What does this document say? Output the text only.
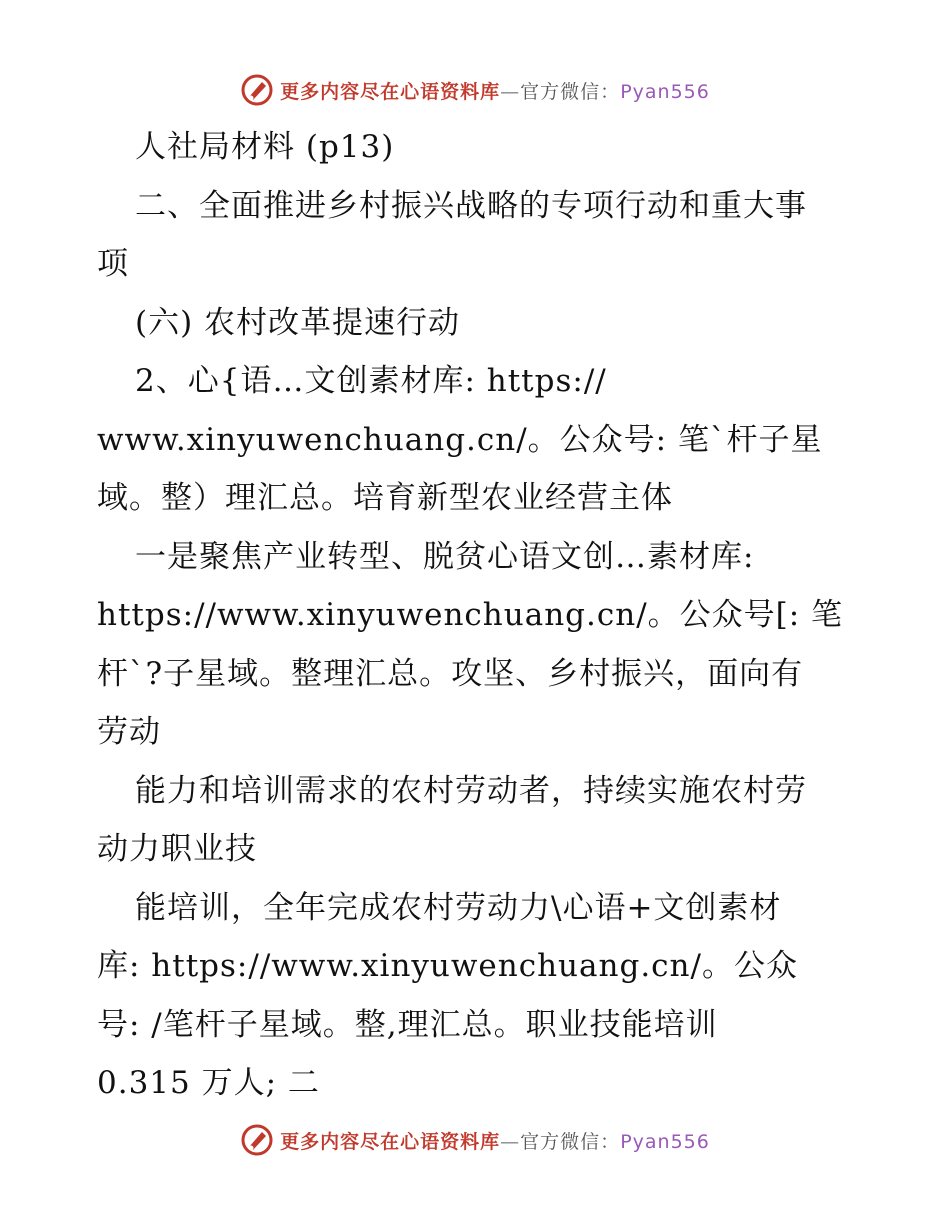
更多内容尽在心语资料库—官方微信：Pyan556
人社局材料 (p13)
二、全面推进乡村振兴战略的专项行动和重大事
项
(六) 农村改革提速行动
2、心{语…文创素材库: https://
www.xinyuwenchuang.cn/。公众号: 笔`杆子星
域。整）理汇总。培育新型农业经营主体
一是聚焦产业转型、脱贫心语文创…素材库:
https://www.xinyuwenchuang.cn/。公众号[: 笔
杆`?子星域。整理汇总。攻坚、乡村振兴，面向有
劳动
能力和培训需求的农村劳动者，持续实施农村劳
动力职业技
能培训，全年完成农村劳动力\心语+文创素材
库: https://www.xinyuwenchuang.cn/。公众
号: /笔杆子星域。整,理汇总。职业技能培训
0.315 万人; 二
更多内容尽在心语资料库—官方微信：Pyan556
